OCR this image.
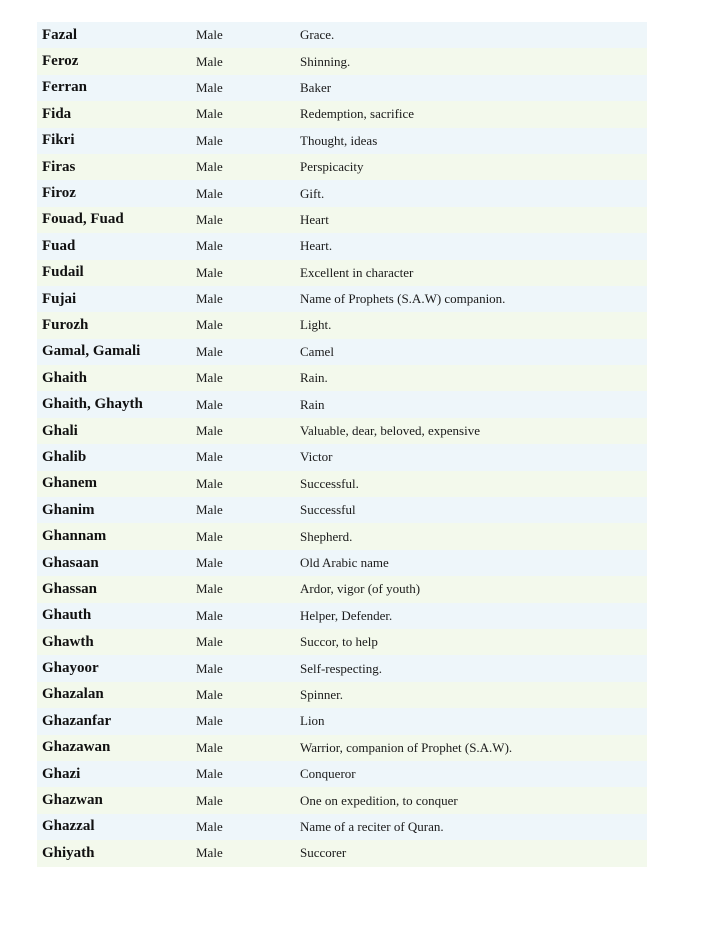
Fazal	Male	Grace.
Feroz	Male	Shinning.
Ferran	Male	Baker
Fida	Male	Redemption, sacrifice
Fikri	Male	Thought, ideas
Firas	Male	Perspicacity
Firoz	Male	Gift.
Fouad, Fuad	Male	Heart
Fuad	Male	Heart.
Fudail	Male	Excellent in character
Fujai	Male	Name of Prophets (S.A.W) companion.
Furozh	Male	Light.
Gamal, Gamali	Male	Camel
Ghaith	Male	Rain.
Ghaith, Ghayth	Male	Rain
Ghali	Male	Valuable, dear, beloved, expensive
Ghalib	Male	Victor
Ghanem	Male	Successful.
Ghanim	Male	Successful
Ghannam	Male	Shepherd.
Ghasaan	Male	Old Arabic name
Ghassan	Male	Ardor, vigor (of youth)
Ghauth	Male	Helper, Defender.
Ghawth	Male	Succor, to help
Ghayoor	Male	Self-respecting.
Ghazalan	Male	Spinner.
Ghazanfar	Male	Lion
Ghazawan	Male	Warrior, companion of Prophet (S.A.W).
Ghazi	Male	Conqueror
Ghazwan	Male	One on expedition, to conquer
Ghazzal	Male	Name of a reciter of Quran.
Ghiyath	Male	Succorer
